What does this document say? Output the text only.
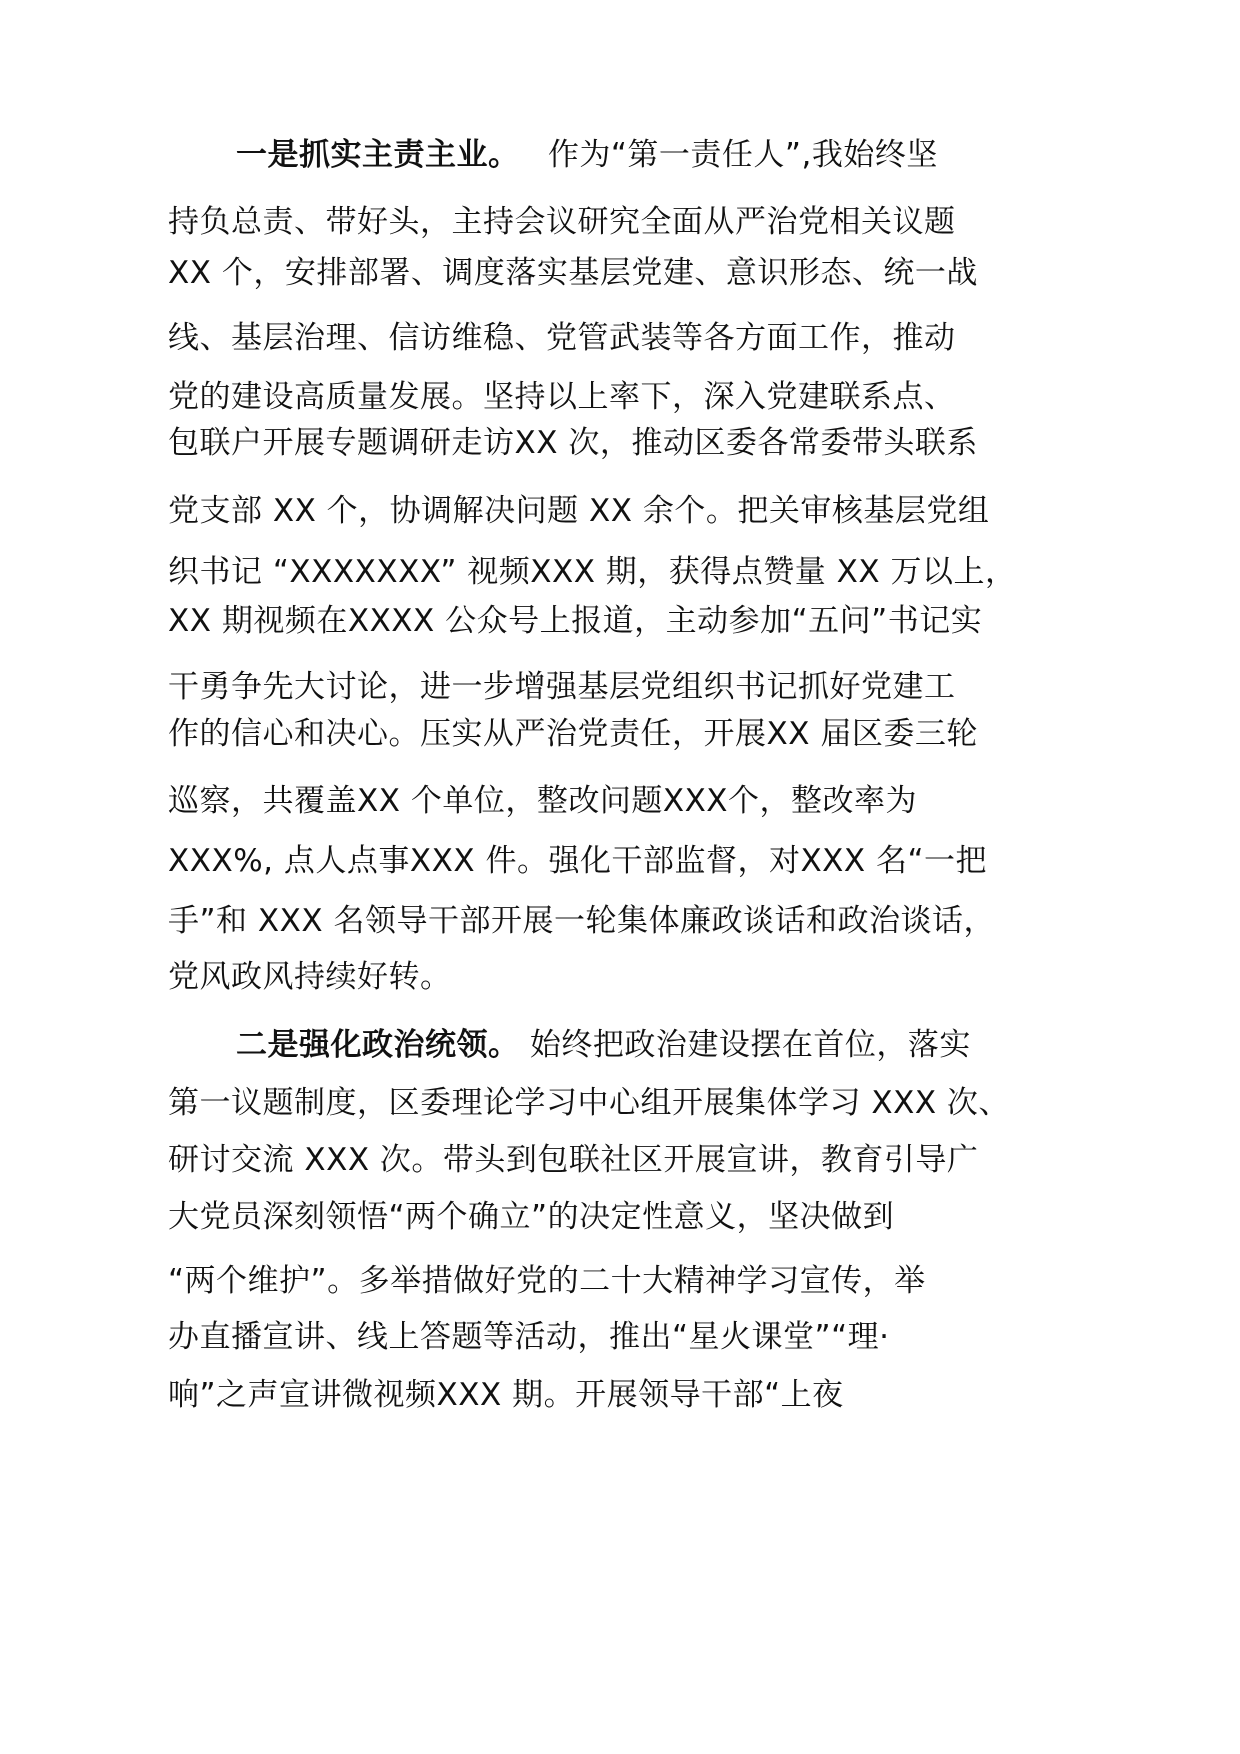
一是抓实主责主业。 作为“第一责任人”,我始终坚
持负总责、带好头，主持会议研究全面从严治党相关议题
XX 个，安排部署、调度落实基层党建、意识形态、统一战
线、基层治理、信访维稳、党管武装等各方面工作，推动
党的建设高质量发展。坚持以上率下，深入党建联系点、
包联户开展专题调研走访XX 次，推动区委各常委带头联系
党支部 XX 个，协调解决问题 XX 余个。把关审核基层党组
织书记 “XXXXXXX” 视频XXX 期，获得点赞量 XX 万以上，
XX 期视频在XXXX 公众号上报道，主动参加“五问”书记实
干勇争先大讨论，进一步增强基层党组织书记抓好党建工
作的信心和决心。压实从严治党责任，开展XX 届区委三轮
巡察，共覆盖XX 个单位，整改问题XXX个，整改率为
XXX%, 点人点事XXX 件。强化干部监督，对XXX 名“一把
手”和 XXX 名领导干部开展一轮集体廉政谈话和政治谈话，
党风政风持续好转。
二是强化政治统领。 始终把政治建设摆在首位，落实
第一议题制度，区委理论学习中心组开展集体学习 XXX 次、
研讨交流 XXX 次。带头到包联社区开展宣讲，教育引导广
大党员深刻领悟“两个确立”的决定性意义，坚决做到
“两个维护”。多举措做好党的二十大精神学习宣传，举
办直播宣讲、线上答题等活动，推出“星火课堂”“理·
响”之声宣讲微视频XXX 期。开展领导干部“上夜
